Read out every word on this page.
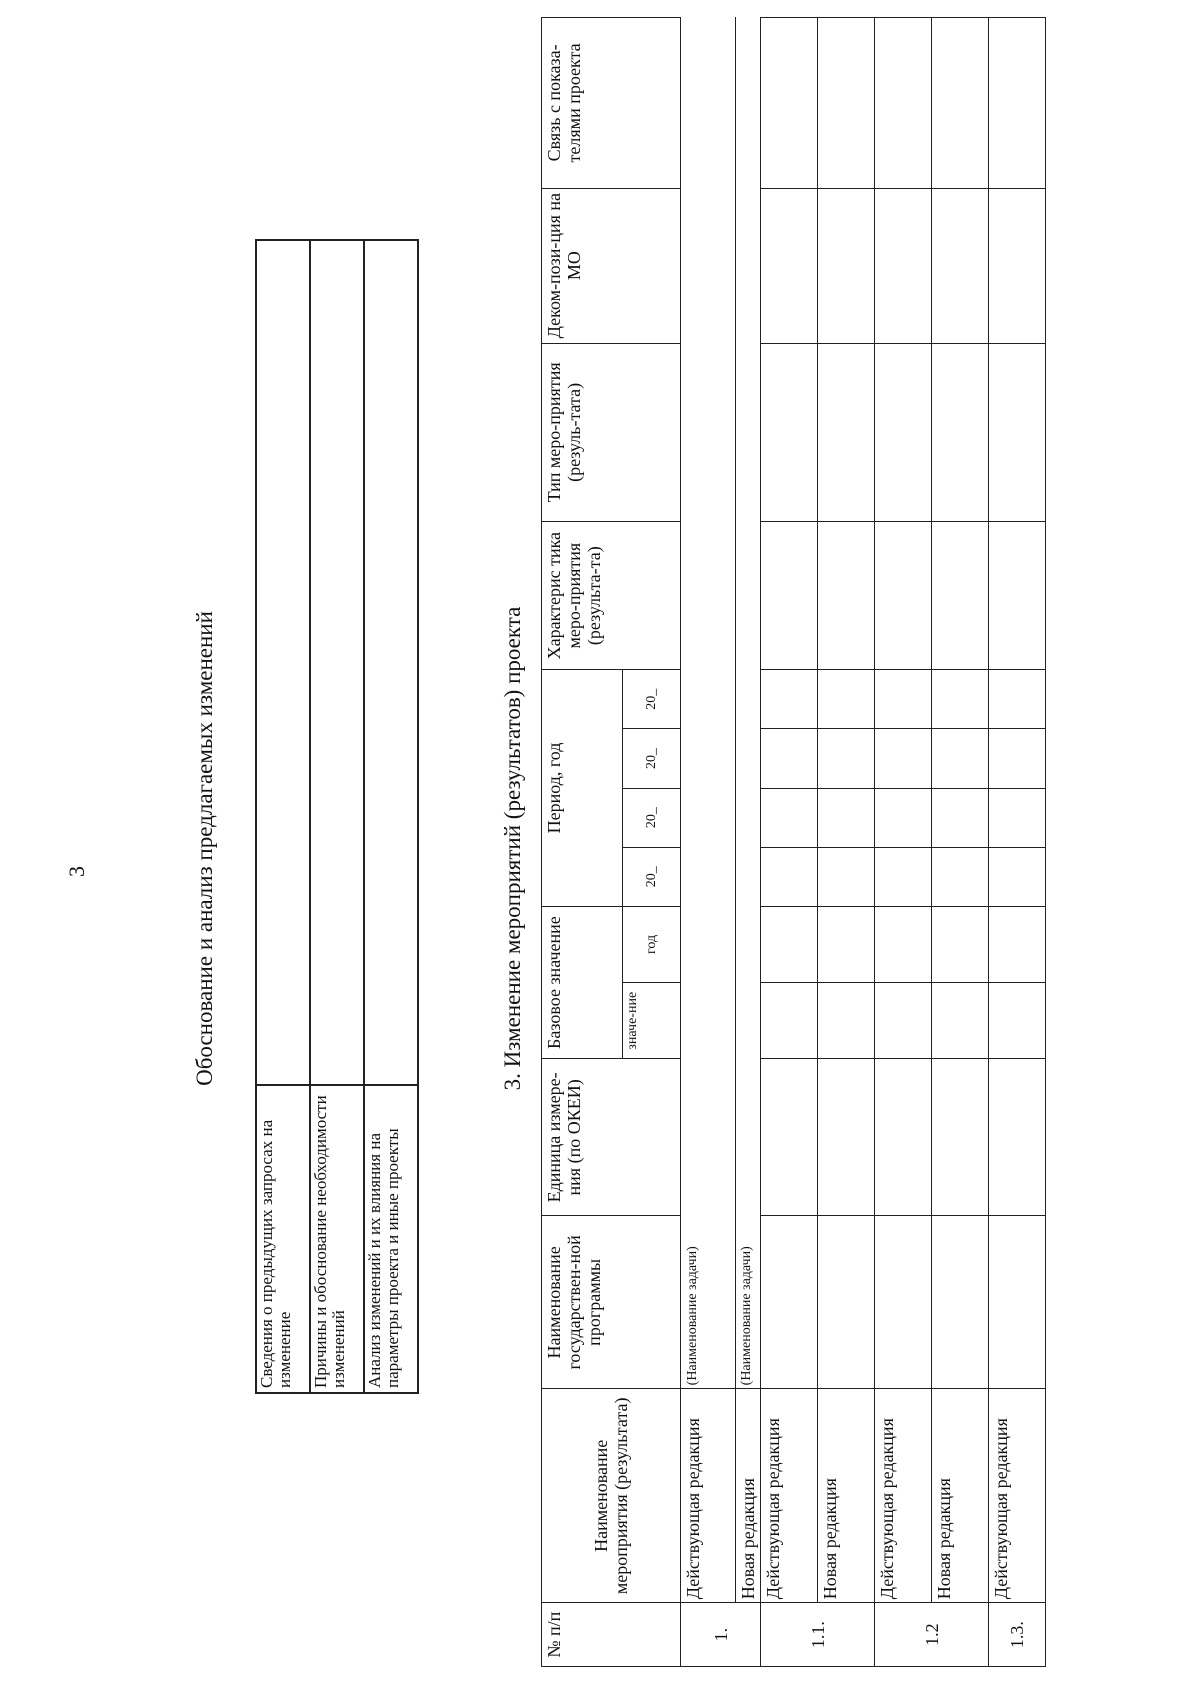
3	Обоснование и анализ предлагаемых изменений
Сведения о предыдущих запросах на изменение	
Причины и обоснование необходимости изменений	
Анализ изменений и их влияния на параметры проекта и иные проекты	
3. Изменение мероприятий (результатов) проекта
№ п/п	Наименование мероприятия (результата)	Наименование государствен-ной программы	Единица измере-ния (по ОКЕИ)	Базовое значение		Период, год				Характерис тика меро-приятия (результа-та)	Тип меро-приятия (резуль-тата)	Деком-пози-ция на МО	Связь с показа-телями проекта
				значе-ние	год	20_	20_	20_	20_				
1.	Действующая редакция	(Наименование задачи)											
	Новая редакция	(Наименование задачи)											
1.1.	Действующая редакция												
	Новая редакция												
1.2	Действующая редакция												
	Новая редакция												
1.3.	Действующая редакция												
